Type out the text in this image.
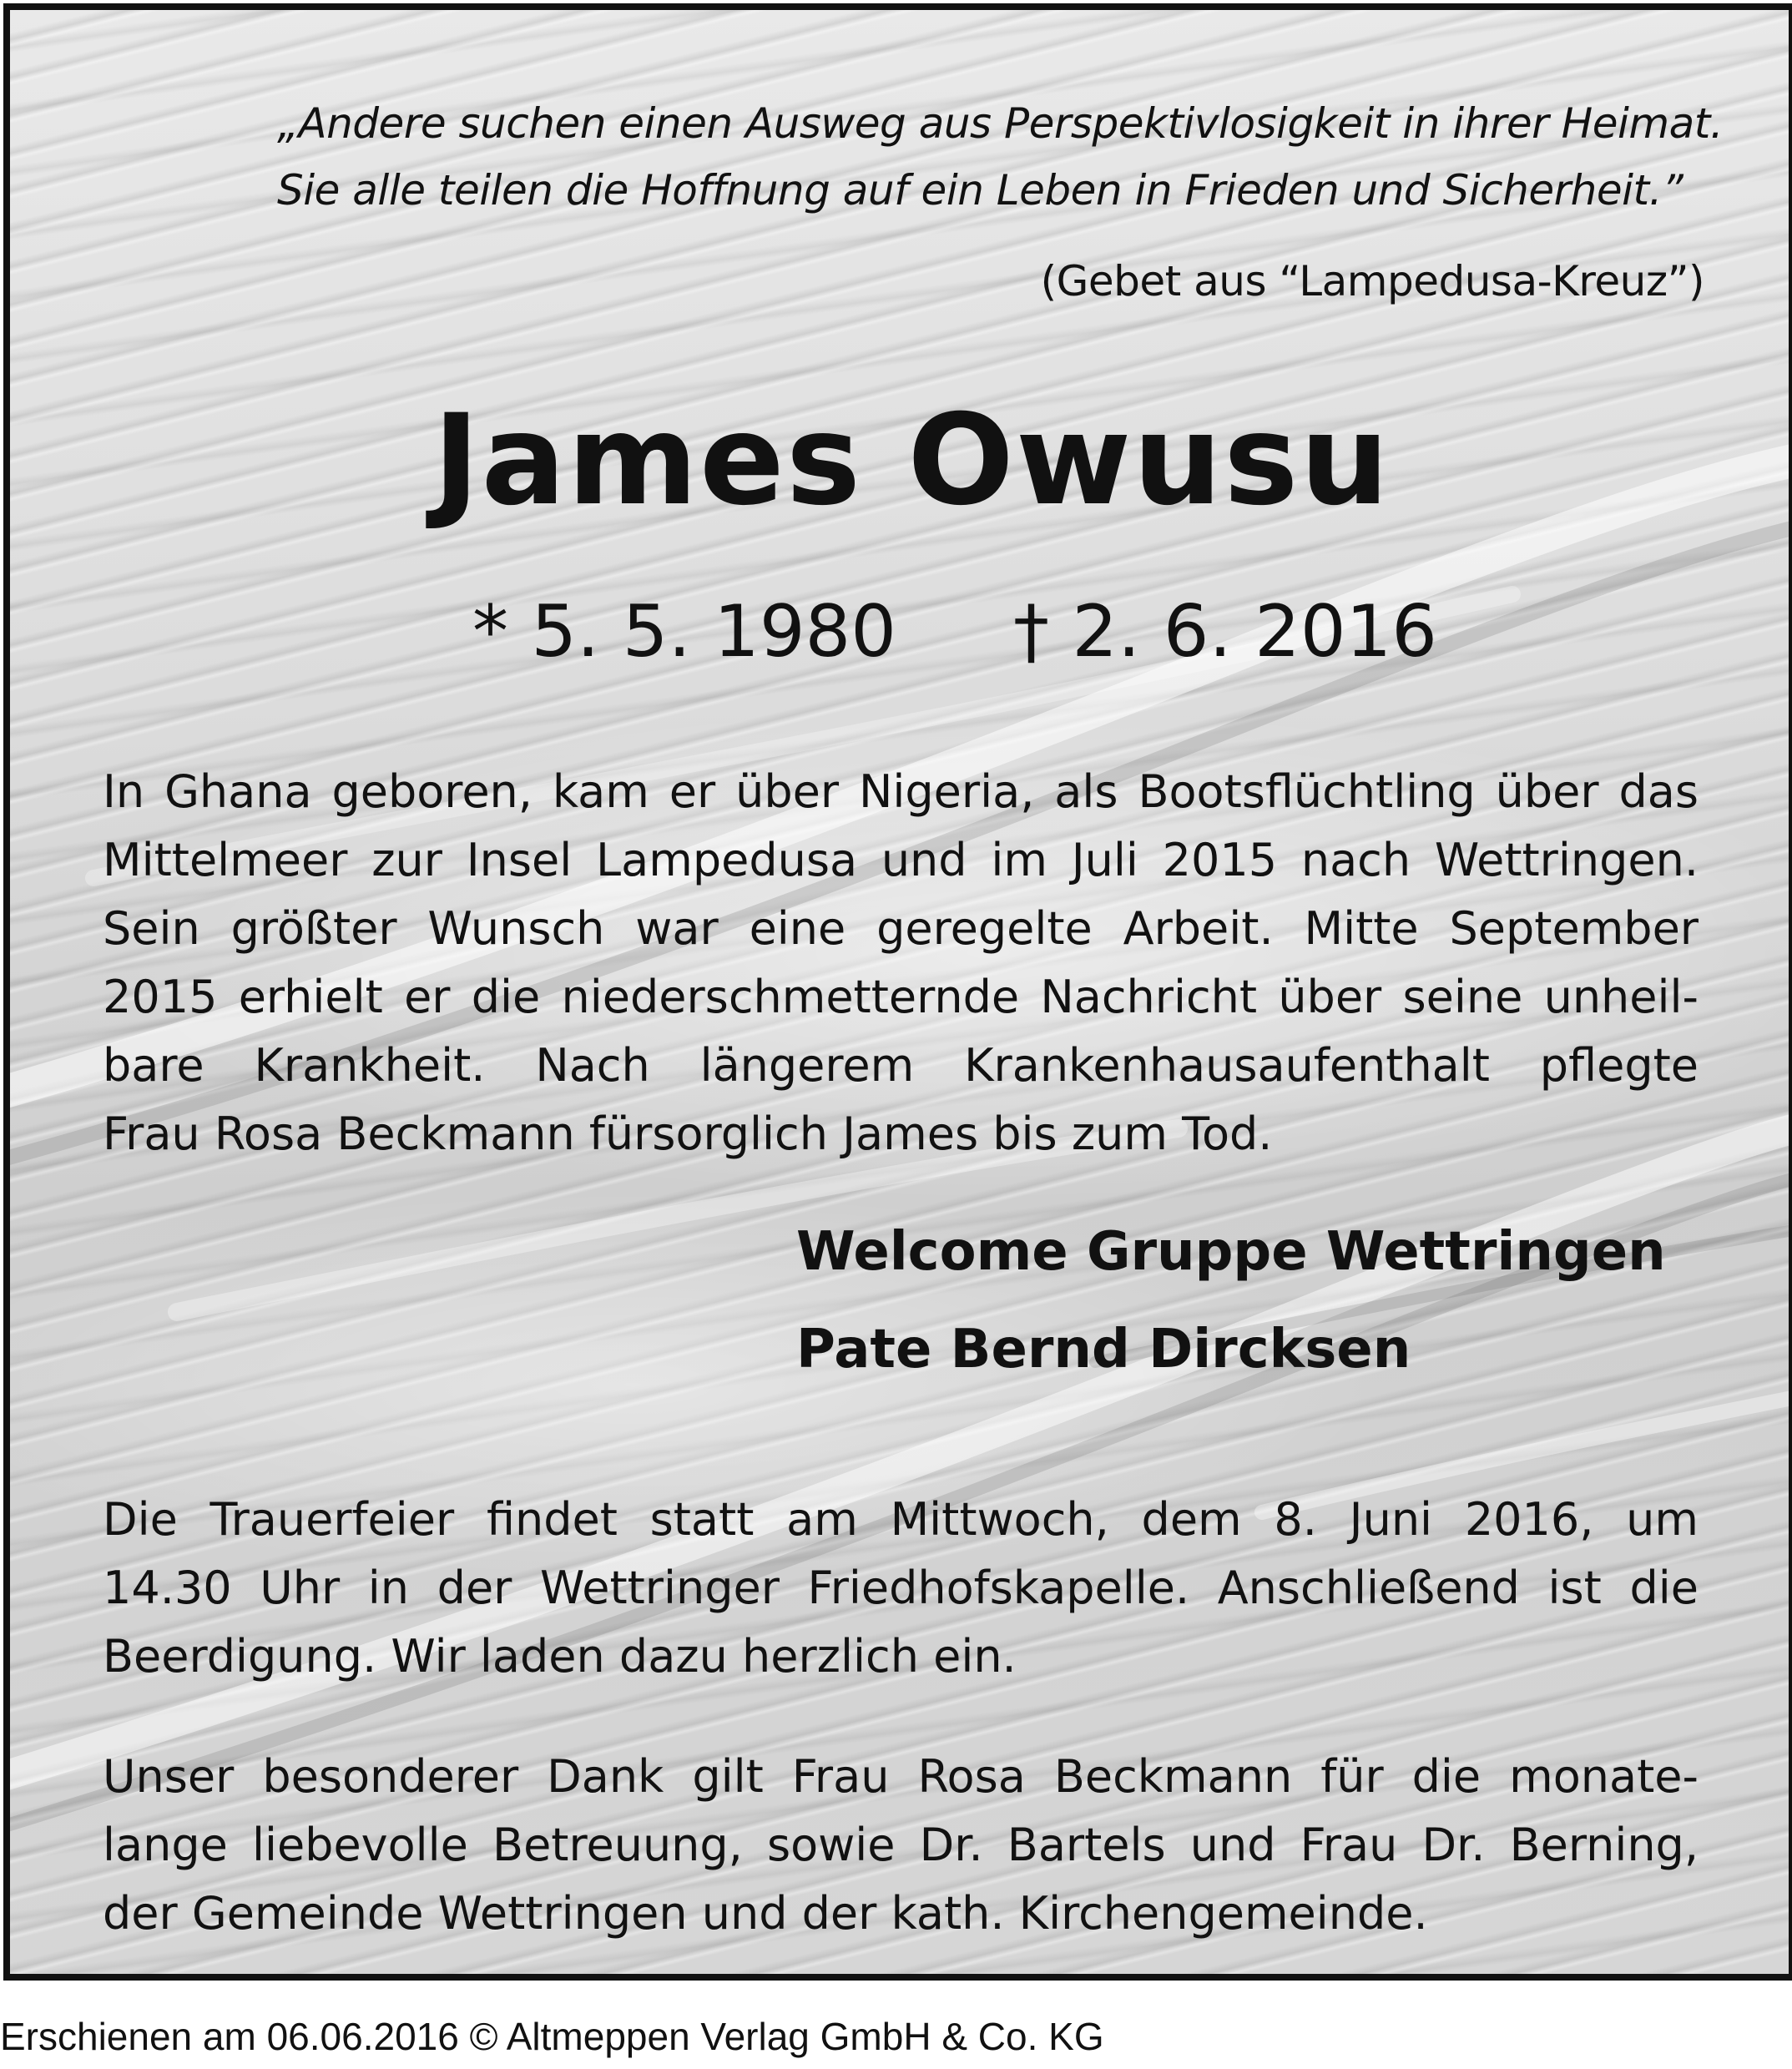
„Andere suchen einen Ausweg aus Perspektivlosigkeit in ihrer Heimat.
Sie alle teilen die Hoffnung auf ein Leben in Frieden und Sicherheit.”
(Gebet aus “Lampedusa-Kreuz”)
James Owusu
* 5. 5. 1980 † 2. 6. 2016
In Ghana geboren, kam er über Nigeria, als Bootsflüchtling über das
Mittelmeer zur Insel Lampedusa und im Juli 2015 nach Wettringen.
Sein größter Wunsch war eine geregelte Arbeit. Mitte September
2015 erhielt er die niederschmetternde Nachricht über seine unheil-
bare Krankheit. Nach längerem Krankenhausaufenthalt pflegte
Frau Rosa Beckmann fürsorglich James bis zum Tod.
Welcome Gruppe Wettringen
Pate Bernd Dircksen
Die Trauerfeier findet statt am Mittwoch, dem 8. Juni 2016, um
14.30 Uhr in der Wettringer Friedhofskapelle. Anschließend ist die
Beerdigung. Wir laden dazu herzlich ein.
Unser besonderer Dank gilt Frau Rosa Beckmann für die monate-
lange liebevolle Betreuung, sowie Dr. Bartels und Frau Dr. Berning,
der Gemeinde Wettringen und der kath. Kirchengemeinde.
Erschienen am 06.06.2016 © Altmeppen Verlag GmbH & Co. KG
